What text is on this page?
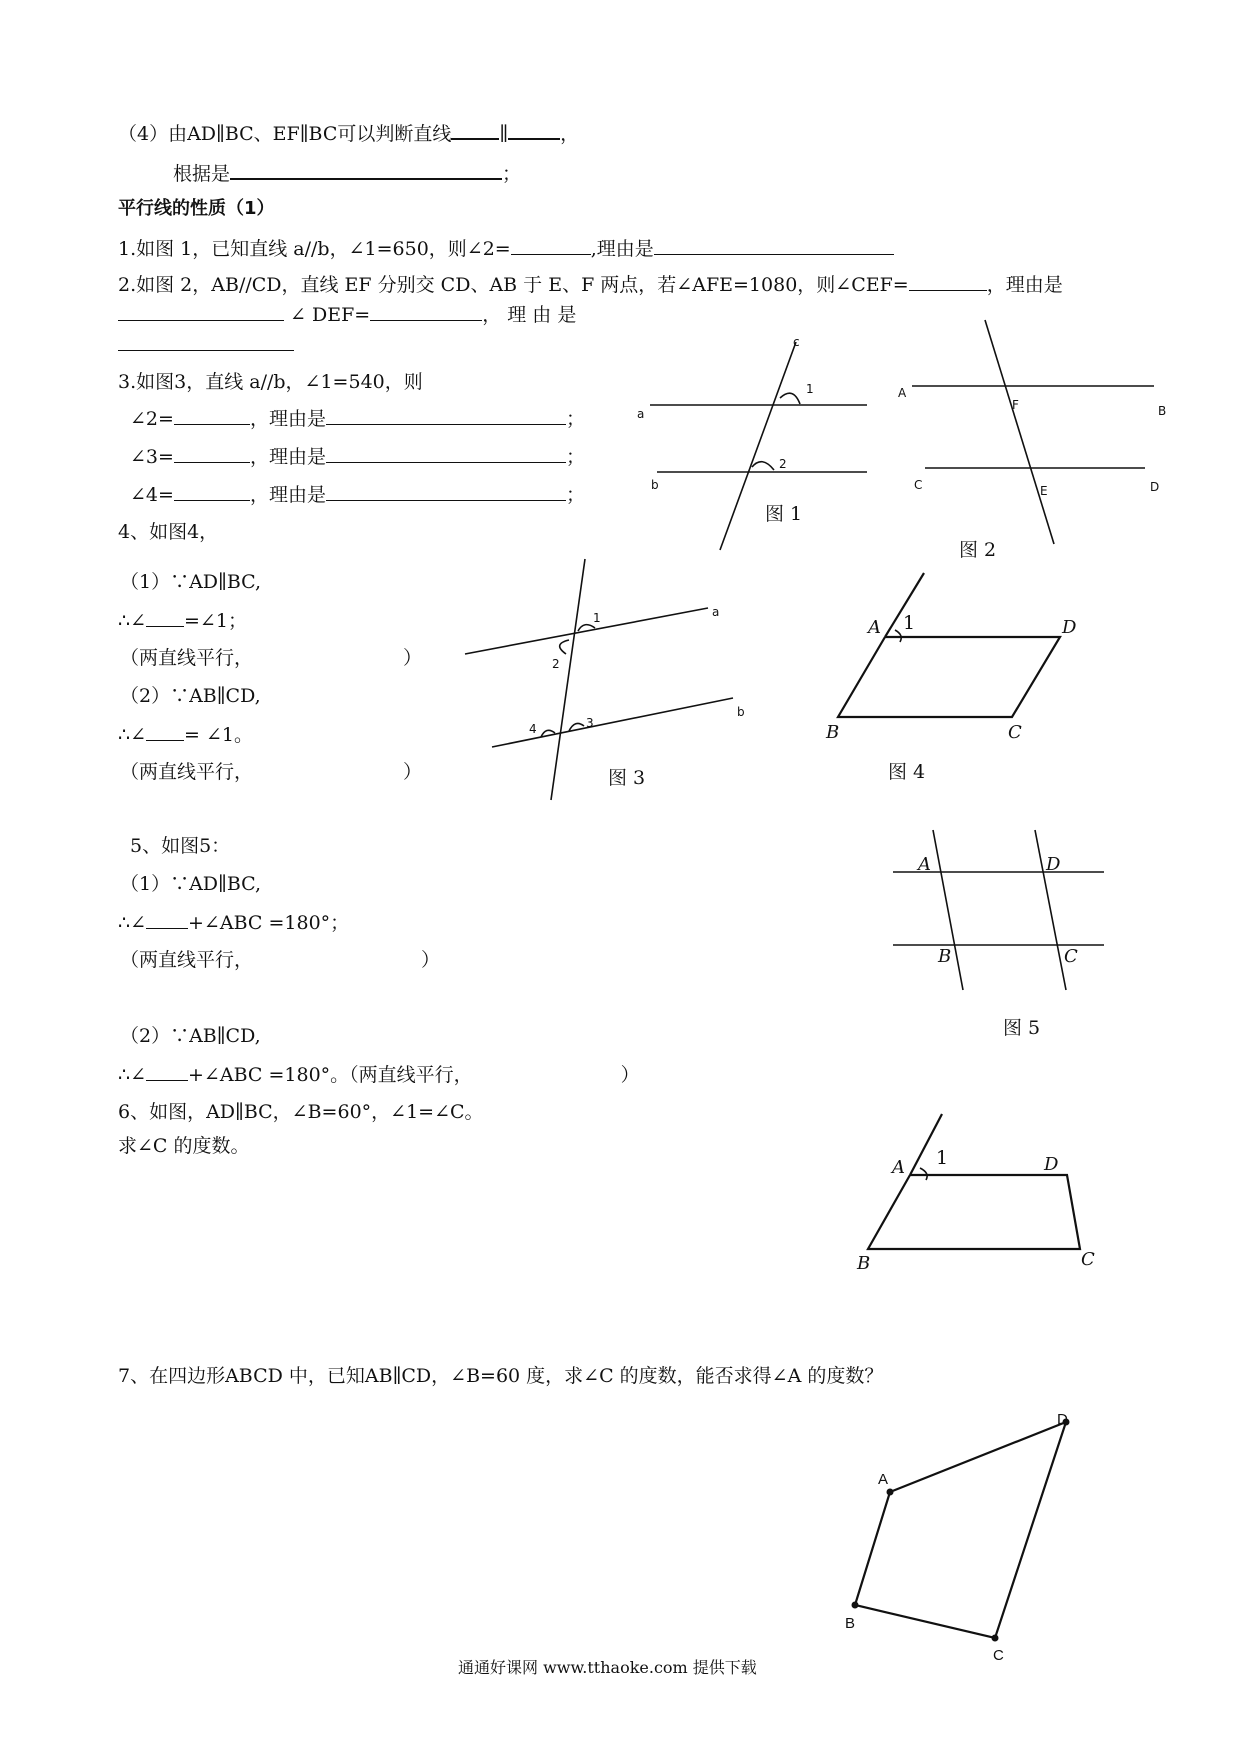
（4）由AD∥BC、EF∥BC可以判断直线	∥	，
根据是	；
平行线的性质（1）
1.如图 1，已知直线 a//b，∠1=650，则∠2=	,理由是
2.如图 2，AB//CD，直线 EF 分别交 CD、AB 于 E、F 两点，若∠AFE=1080，则∠CEF=	，理由是
∠ DEF=	， 理 由 是
3.如图3，直线 a//b，∠1=540，则
∠2=	，理由是	；
∠3=	，理由是	；
∠4=	，理由是	；
4、如图4，
（1）∵AD∥BC,
∴∠ =∠1；
（两直线平行，	）
（2）∵AB∥CD,
∴∠ = ∠1。
（两直线平行，	）
5、如图5：
（1）∵AD∥BC,
∴∠ +∠ABC =180°；
（两直线平行，	）
（2）∵AB∥CD,
∴∠ +∠ABC =180°。（两直线平行，	）
6、如图，AD∥BC，∠B=60°，∠1=∠C。
求∠C 的度数。
7、在四边形ABCD 中，已知AB∥CD，∠B=60 度，求∠C 的度数，能否求得∠A 的度数？
通通好课网 www.tthaoke.com 提供下载
a
b
c
1
2
图 1
A
B
C	D
E
F
图 2
a
b
1
2
3
4
图 3
A 1	D
B	C
图 4
A	D
B	C
图 5
A 1	D
B	C
A
D
B
C
